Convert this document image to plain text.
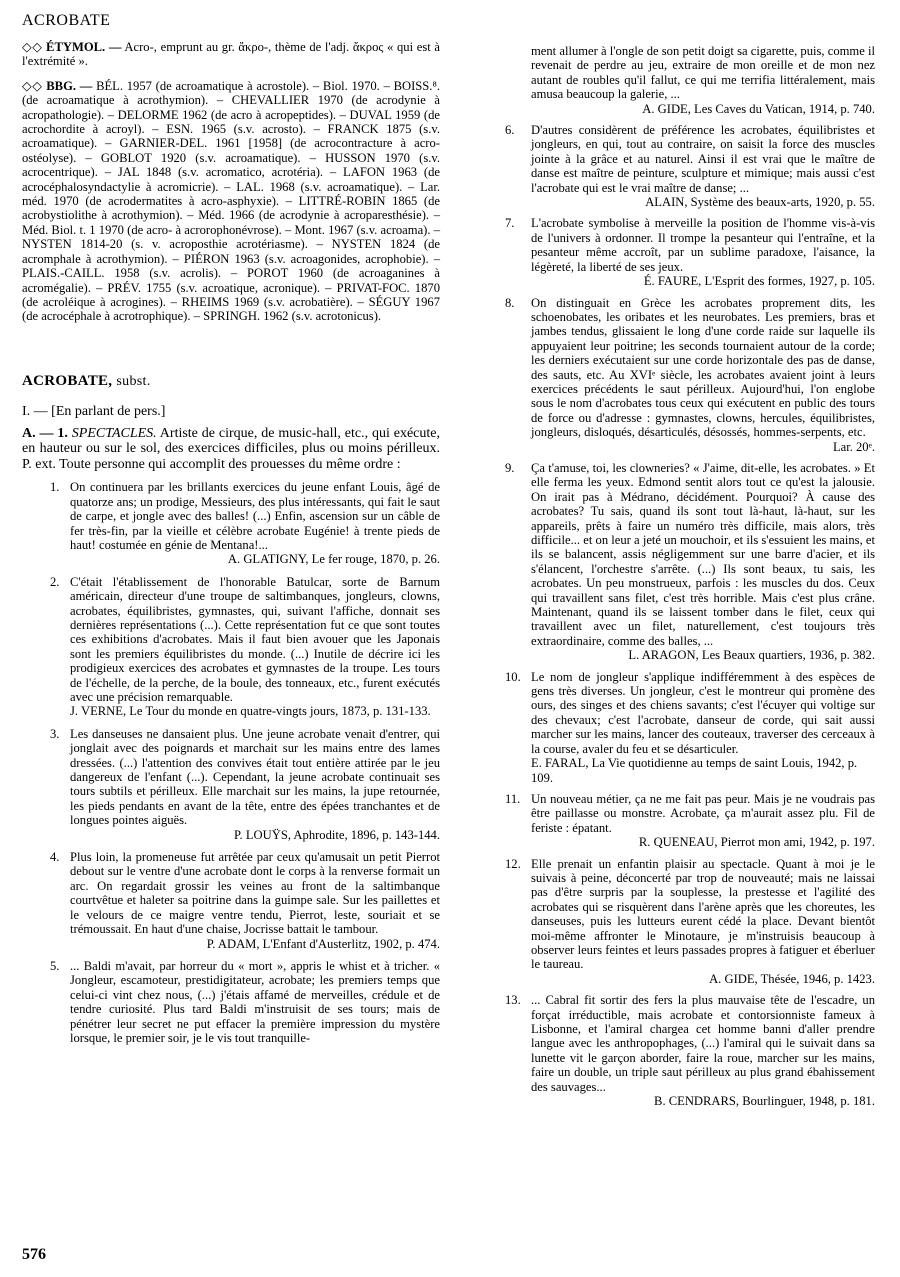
ACROBATE

◇◇ ÉTYMOL. — Acro-, emprunt au gr. ἄκρο-, thème de l'adj. ἄκρος « qui est à l'extrémité ».

◇◇ BBG. — BÉL. 1957 (de acroamatique à acrostole). – Biol. 1970. – BOISS.⁸. (de acroamatique à acrothymion). – CHEVALLIER 1970 (de acrodynie à acropathologie). – DELORME 1962 (de acro à acropeptides). – DUVAL 1959 (de acrochordite à acroyl). – ESN. 1965 (s.v. acrosto). – FRANCK 1875 (s.v. acroamatique). – GARNIER-DEL. 1961 [1958] (de acrocontracture à acro-ostéolyse). – GOBLOT 1920 (s.v. acroamatique). – HUSSON 1970 (s.v. acrocentrique). – JAL 1848 (s.v. acromatico, acrotéria). – LAFON 1963 (de acrocéphalosyndactylie à acromicrie). – LAL. 1968 (s.v. acroamatique). – Lar. méd. 1970 (de acrodermatites à acro-asphyxie). – LITTRÉ-ROBIN 1865 (de acrobystiolithe à acrothymion). – Méd. 1966 (de acrodynie à acroparesthésie). – Méd. Biol. t. 1 1970 (de acro- à acrorophonévrose). – Mont. 1967 (s.v. acroama). – NYSTEN 1814-20 (s. v. acroposthie acrotériasme). – NYSTEN 1824 (de acromphale à acrothymion). – PIÉRON 1963 (s.v. acroagonides, acrophobie). – PLAIS.-CAILL. 1958 (s.v. acrolis). – POROT 1960 (de acroaganines à acromégalie). – PRÉV. 1755 (s.v. acroatique, acronique). – PRIVAT-FOC. 1870 (de acroléique à acrogines). – RHEIMS 1969 (s.v. acrobatière). – SÉGUY 1967 (de acrocéphale à acrotrophique). – SPRINGH. 1962 (s.v. acrotonicus).

ACROBATE, subst.
I. — [En parlant de pers.]

A. — 1. SPECTACLES. Artiste de cirque, de music-hall, etc., qui exécute, en hauteur ou sur le sol, des exercices difficiles, plus ou moins périlleux. P. ext. Toute personne qui accomplit des prouesses du même ordre :

1. On continuera par les brillants exercices du jeune enfant Louis, âgé de quatorze ans; un prodige, Messieurs, des plus intéressants, qui fait le saut de carpe, et jongle avec des balles! (...) Enfin, ascension sur un câble de fer très-fin, par la vieille et célèbre acrobate Eugénie! à trente pieds de haut! costumée en génie de Mentana!...

A. GLATIGNY, Le fer rouge, 1870, p. 26.

2. C'était l'établissement de l'honorable Batulcar, sorte de Barnum américain, directeur d'une troupe de saltimbanques, jongleurs, clowns, acrobates, équilibristes, gymnastes, qui, suivant l'affiche, donnait ses dernières représentations (...). Cette représentation fut ce que sont toutes ces exhibitions d'acrobates. Mais il faut bien avouer que les Japonais sont les premiers équilibristes du monde. (...) Inutile de décrire ici les prodigieux exercices des acrobates et gymnastes de la troupe. Les tours de l'échelle, de la perche, de la boule, des tonneaux, etc., furent exécutés avec une précision remarquable.

J. VERNE, Le Tour du monde en quatre-vingts jours, 1873, p. 131-133.

3. Les danseuses ne dansaient plus. Une jeune acrobate venait d'entrer, qui jonglait avec des poignards et marchait sur les mains entre des lames dressées. (...) l'attention des convives était tout entière attirée par le jeu dangereux de l'enfant (...). Cependant, la jeune acrobate continuait ses tours subtils et périlleux. Elle marchait sur les mains, la jupe retournée, les pieds pendants en avant de la tête, entre des épées tranchantes et de longues pointes aiguës.

P. LOUŸS, Aphrodite, 1896, p. 143-144.

4. Plus loin, la promeneuse fut arrêtée par ceux qu'amusait un petit Pierrot debout sur le ventre d'une acrobate dont le corps à la renverse formait un arc. On regardait grossir les veines au front de la saltimbanque courtvêtue et haleter sa poitrine dans la guimpe sale. Sur les paillettes et le velours de ce maigre ventre tendu, Pierrot, leste, souriait et se trémoussait. En haut d'une chaise, Jocrisse battait le tambour.

P. ADAM, L'Enfant d'Austerlitz, 1902, p. 474.

5. ... Baldi m'avait, par horreur du « mort », appris le whist et à tricher. « Jongleur, escamoteur, prestidigitateur, acrobate; les premiers temps que celui-ci vint chez nous, (...) j'étais affamé de merveilles, crédule et de tendre curiosité. Plus tard Baldi m'instruisit de ses tours; mais de pénétrer leur secret ne put effacer la première impression du mystère lorsque, le premier soir, je le vis tout tranquille-

ment allumer à l'ongle de son petit doigt sa cigarette, puis, comme il revenait de perdre au jeu, extraire de mon oreille et de mon nez autant de roubles qu'il fallut, ce qui me terrifia littéralement, mais amusa beaucoup la galerie, ...

A. GIDE, Les Caves du Vatican, 1914, p. 740.

6. D'autres considèrent de préférence les acrobates, équilibristes et jongleurs, en qui, tout au contraire, on saisit la force des muscles jointe à la grâce et au naturel. Ainsi il est vrai que le maître de danse est maître de peinture, sculpture et mimique; mais aussi c'est l'acrobate qui est le vrai maître de danse; ...

ALAIN, Système des beaux-arts, 1920, p. 55.

7. L'acrobate symbolise à merveille la position de l'homme vis-à-vis de l'univers à ordonner. Il trompe la pesanteur qui l'entraîne, et la pesanteur même accroît, par un sublime paradoxe, l'aisance, la légèreté, la liberté de ses jeux.

É. FAURE, L'Esprit des formes, 1927, p. 105.

8. On distinguait en Grèce les acrobates proprement dits, les schoenobates, les oribates et les neurobates. Les premiers, bras et jambes tendus, glissaient le long d'une corde raide sur laquelle ils appuyaient leur poitrine; les seconds tournaient autour de la corde; les derniers exécutaient sur une corde horizontale des pas de danse, des sauts, etc. Au XVIᵉ siècle, les acrobates avaient joint à leurs exercices précédents le saut périlleux. Aujourd'hui, l'on englobe sous le nom d'acrobates tous ceux qui exécutent en public des tours de force ou d'adresse : gymnastes, clowns, hercules, équilibristes, jongleurs, disloqués, désarticulés, désossés, hommes-serpents, etc.

Lar. 20ᵉ.

9. Ça t'amuse, toi, les clowneries? « J'aime, dit-elle, les acrobates. » Et elle ferma les yeux. Edmond sentit alors tout ce qu'est la jalousie. On irait pas à Médrano, décidément. Pourquoi? À cause des acrobates? Tu sais, quand ils sont tout là-haut, là-haut, sur les appareils, prêts à faire un numéro très difficile, mais alors, très difficile... et on leur a jeté un mouchoir, et ils s'essuient les mains, et ils se balancent, assis négligemment sur une barre d'acier, et ils s'élancent, l'orchestre s'arrête. (...) Ils sont beaux, tu sais, les acrobates. Un peu monstrueux, parfois : les muscles du dos. Ceux qui travaillent sans filet, c'est très horrible. Mais c'est plus crâne. Maintenant, quand ils se laissent tomber dans le filet, ceux qui travaillent avec un filet, naturellement, c'est toujours très extraordinaire, comme des balles, ...

L. ARAGON, Les Beaux quartiers, 1936, p. 382.

10. Le nom de jongleur s'applique indifféremment à des espèces de gens très diverses. Un jongleur, c'est le montreur qui promène des ours, des singes et des chiens savants; c'est l'écuyer qui voltige sur des chevaux; c'est l'acrobate, danseur de corde, qui sait aussi marcher sur les mains, lancer des couteaux, traverser des cerceaux à la course, avaler du feu et se désarticuler.

E. FARAL, La Vie quotidienne au temps de saint Louis, 1942, p. 109.

11. Un nouveau métier, ça ne me fait pas peur. Mais je ne voudrais pas être paillasse ou monstre. Acrobate, ça m'aurait assez plu. Fil de feriste : épatant.

R. QUENEAU, Pierrot mon ami, 1942, p. 197.

12. Elle prenait un enfantin plaisir au spectacle. Quant à moi je le suivais à peine, déconcerté par trop de nouveauté; mais ne laissai pas d'être surpris par la souplesse, la prestesse et l'agilité des acrobates qui se risquèrent dans l'arène après que les choreutes, les danseuses, puis les lutteurs eurent cédé la place. Devant bientôt moi-même affronter le Minotaure, je m'instruisis beaucoup à observer leurs feintes et leurs passades propres à fatiguer et éberluer le taureau.

A. GIDE, Thésée, 1946, p. 1423.

13. ... Cabral fit sortir des fers la plus mauvaise tête de l'escadre, un forçat irréductible, mais acrobate et contorsionniste fameux à Lisbonne, et l'amiral chargea cet homme banni d'aller prendre langue avec les anthropophages, (...) l'amiral qui le suivait dans sa lunette vit le garçon aborder, faire la roue, marcher sur les mains, faire un double, un triple saut périlleux au plus grand ébahissement des sauvages...

B. CENDRARS, Bourlinguer, 1948, p. 181.

576
